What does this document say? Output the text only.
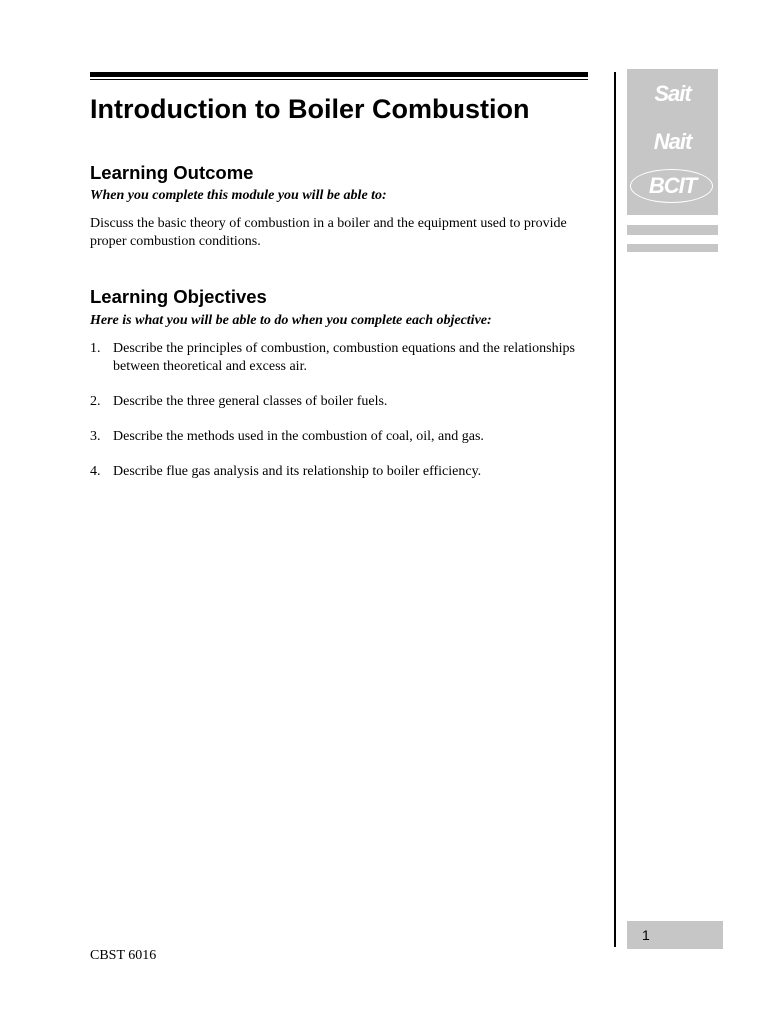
Introduction to Boiler Combustion
Learning Outcome

When you complete this module you will be able to:

Discuss the basic theory of combustion in a boiler and the equipment used to provide proper combustion conditions.

Learning Objectives

Here is what you will be able to do when you complete each objective:

1. Describe the principles of combustion, combustion equations and the relationships between theoretical and excess air.
2. Describe the three general classes of boiler fuels.
3. Describe the methods used in the combustion of coal, oil, and gas.
4. Describe flue gas analysis and its relationship to boiler efficiency.
Sait
Nait
BCIT
1
CBST 6016
